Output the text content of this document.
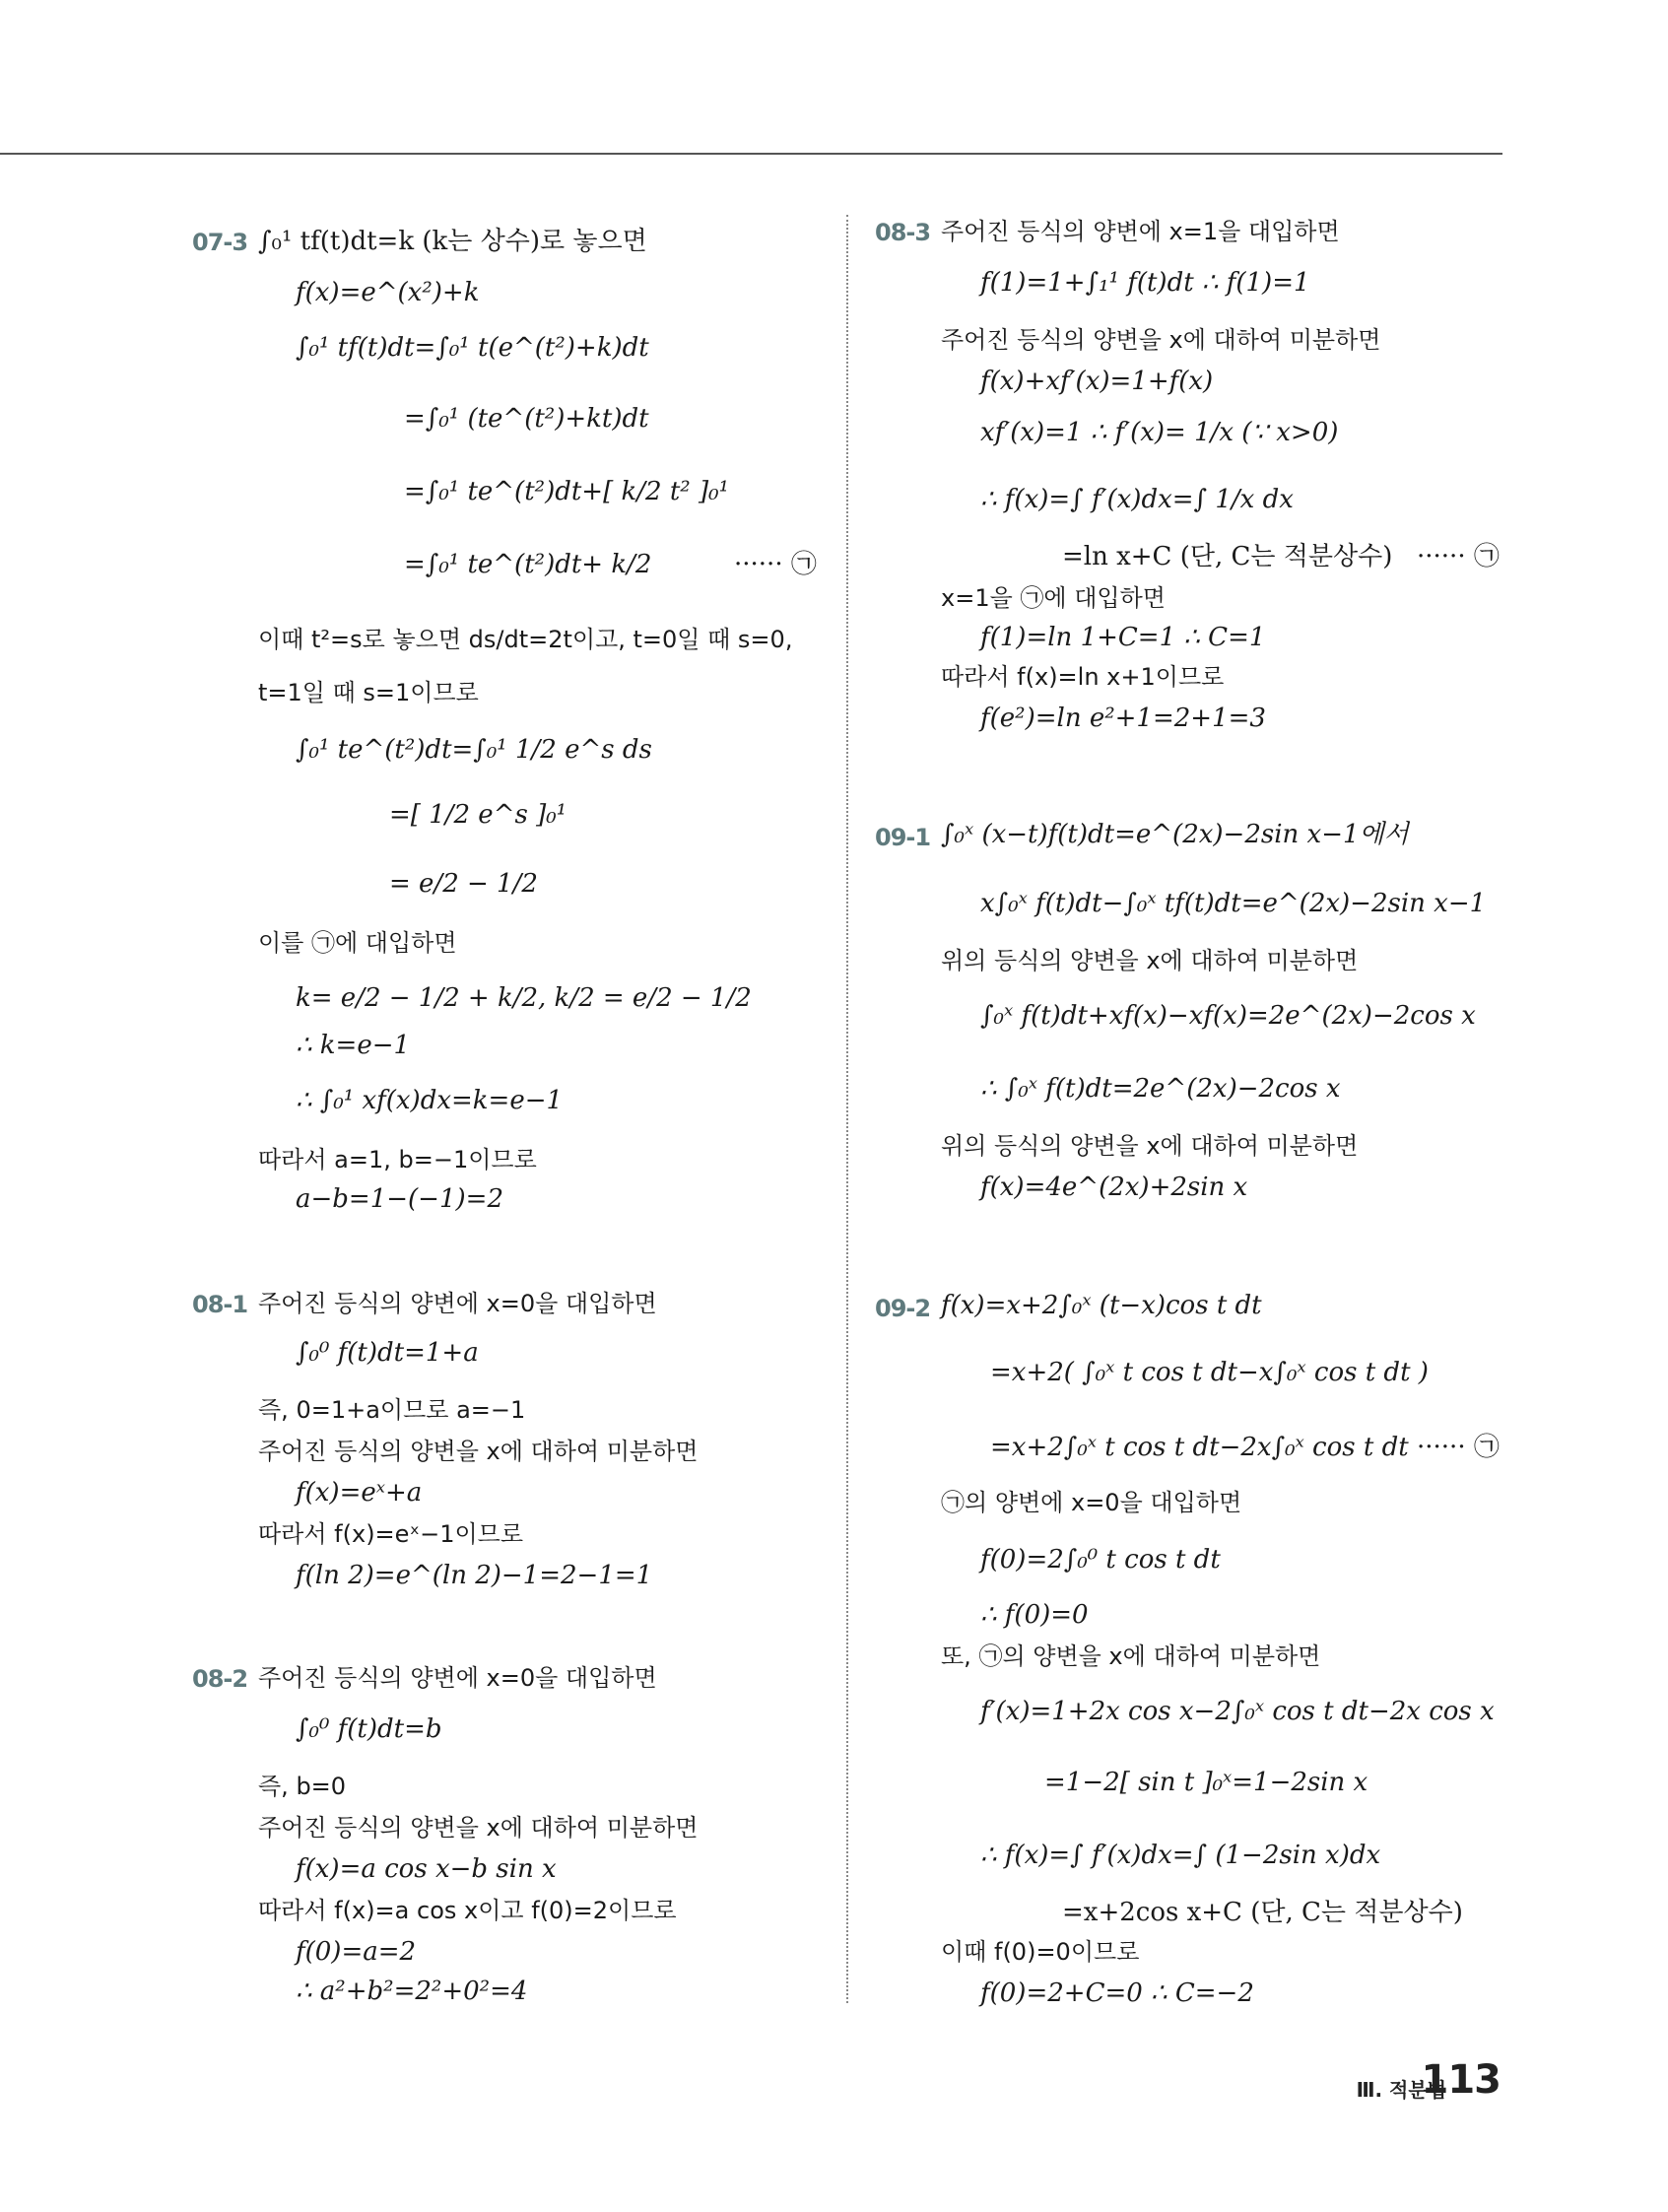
07-3 ∫₀¹ tf(t)dt=k (k는 상수)로 놓으면
f(x)=e^(x²)+k
∫₀¹ tf(t)dt=∫₀¹ t(e^(t²)+k)dt
=∫₀¹ (te^(t²)+kt)dt
=∫₀¹ te^(t²)dt+[ k/2 t² ]₀¹
=∫₀¹ te^(t²)dt+ k/2	······ ㉠
이때 t²=s로 놓으면 ds/dt=2t이고, t=0일 때 s=0,
t=1일 때 s=1이므로
∫₀¹ te^(t²)dt=∫₀¹ 1/2 e^s ds
=[ 1/2 e^s ]₀¹
= e/2 − 1/2
이를 ㉠에 대입하면
k= e/2 − 1/2 + k/2, k/2 = e/2 − 1/2
∴ k=e−1
∴ ∫₀¹ xf(x)dx=k=e−1
따라서 a=1, b=−1이므로
a−b=1−(−1)=2
08-1 주어진 등식의 양변에 x=0을 대입하면
∫₀⁰ f(t)dt=1+a
즉, 0=1+a이므로 a=−1
주어진 등식의 양변을 x에 대하여 미분하면
f(x)=eˣ+a
따라서 f(x)=eˣ−1이므로
f(ln 2)=e^(ln 2)−1=2−1=1
08-2 주어진 등식의 양변에 x=0을 대입하면
∫₀⁰ f(t)dt=b
즉, b=0
주어진 등식의 양변을 x에 대하여 미분하면
f(x)=a cos x−b sin x
따라서 f(x)=a cos x이고 f(0)=2이므로
f(0)=a=2
∴ a²+b²=2²+0²=4
08-3 주어진 등식의 양변에 x=1을 대입하면
f(1)=1+∫₁¹ f(t)dt ∴ f(1)=1
주어진 등식의 양변을 x에 대하여 미분하면
f(x)+xf′(x)=1+f(x)
xf′(x)=1 ∴ f′(x)= 1/x (∵ x>0)
∴ f(x)=∫ f′(x)dx=∫ 1/x dx
=ln x+C (단, C는 적분상수) ······ ㉠
x=1을 ㉠에 대입하면
f(1)=ln 1+C=1 ∴ C=1
따라서 f(x)=ln x+1이므로
f(e²)=ln e²+1=2+1=3
09-1 ∫₀ˣ (x−t)f(t)dt=e^(2x)−2sin x−1에서
x∫₀ˣ f(t)dt−∫₀ˣ tf(t)dt=e^(2x)−2sin x−1
위의 등식의 양변을 x에 대하여 미분하면
∫₀ˣ f(t)dt+xf(x)−xf(x)=2e^(2x)−2cos x
∴ ∫₀ˣ f(t)dt=2e^(2x)−2cos x
위의 등식의 양변을 x에 대하여 미분하면
f(x)=4e^(2x)+2sin x
09-2 f(x)=x+2∫₀ˣ (t−x)cos t dt
=x+2( ∫₀ˣ t cos t dt−x∫₀ˣ cos t dt )
=x+2∫₀ˣ t cos t dt−2x∫₀ˣ cos t dt ······ ㉠
㉠의 양변에 x=0을 대입하면
f(0)=2∫₀⁰ t cos t dt
∴ f(0)=0
또, ㉠의 양변을 x에 대하여 미분하면
f′(x)=1+2x cos x−2∫₀ˣ cos t dt−2x cos x
=1−2[ sin t ]₀ˣ=1−2sin x
∴ f(x)=∫ f′(x)dx=∫ (1−2sin x)dx
=x+2cos x+C (단, C는 적분상수)
이때 f(0)=0이므로
f(0)=2+C=0 ∴ C=−2
Ⅲ. 적분법
113
